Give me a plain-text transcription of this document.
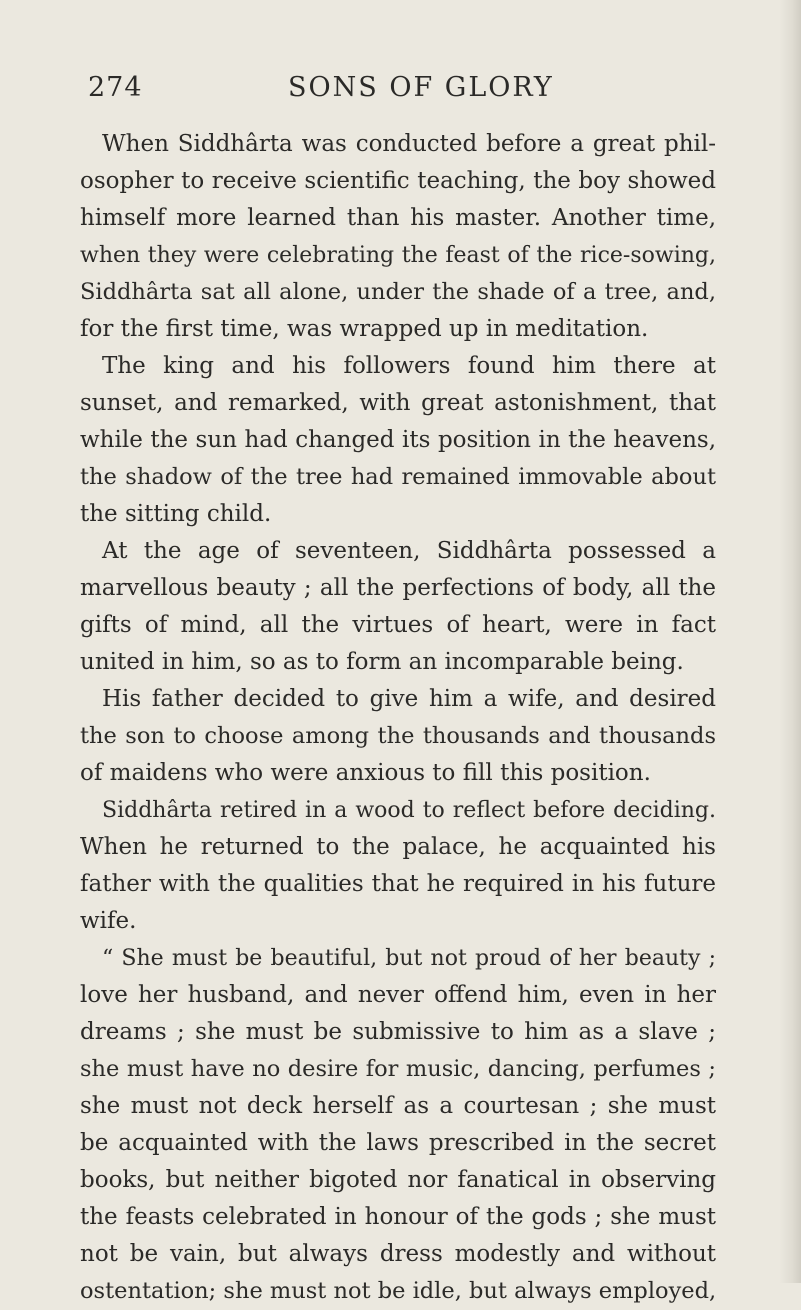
274	SONS OF GLORY
When Siddhârta was conducted before a great phil-
osopher to receive scientific teaching, the boy showed
himself more learned than his master. Another time,
when they were celebrating the feast of the rice-sowing,
Siddhârta sat all alone, under the shade of a tree, and,
for the first time, was wrapped up in meditation.
The king and his followers found him there at
sunset, and remarked, with great astonishment, that
while the sun had changed its position in the heavens,
the shadow of the tree had remained immovable about
the sitting child.
At the age of seventeen, Siddhârta possessed a
marvellous beauty ; all the perfections of body, all the
gifts of mind, all the virtues of heart, were in fact
united in him, so as to form an incomparable being.
His father decided to give him a wife, and desired
the son to choose among the thousands and thousands
of maidens who were anxious to fill this position.
Siddhârta retired in a wood to reflect before deciding.
When he returned to the palace, he acquainted his
father with the qualities that he required in his future
wife.
“ She must be beautiful, but not proud of her beauty ;
love her husband, and never offend him, even in her
dreams ; she must be submissive to him as a slave ;
she must have no desire for music, dancing, perfumes ;
she must not deck herself as a courtesan ; she must
be acquainted with the laws prescribed in the secret
books, but neither bigoted nor fanatical in observing
the feasts celebrated in honour of the gods ; she must
not be vain, but always dress modestly and without
ostentation; she must not be idle, but always employed,
